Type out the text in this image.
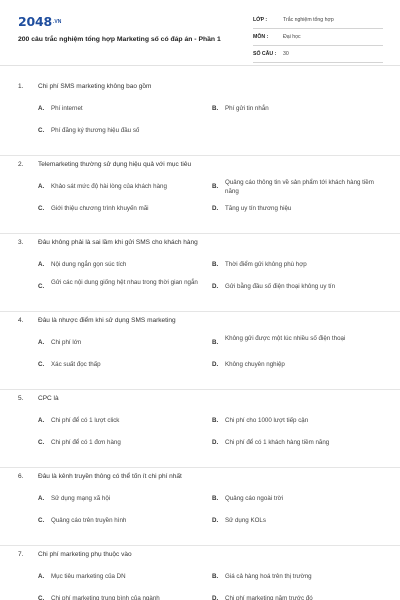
2048 .VN
200 câu trắc nghiệm tổng hợp Marketing số có đáp án - Phần 1
LỚP :	Trắc nghiệm tổng hợp
MÔN :	Đại học
SỐ CÂU : 30
1. Chi phí SMS marketing không bao gồm
A. Phí internet	B. Phí gửi tin nhắn
C. Phí đăng ký thương hiệu đầu số
2. Telemarketing thường sử dụng hiệu quả với mục tiêu
A. Khảo sát mức độ hài lòng của khách hàng	B.
Quảng cáo thông tin về sản phẩm tới khách hàng tiềm năng
C. Giới thiệu chương trình khuyến mãi	D. Tăng uy tín thương hiệu
3. Đâu không phải là sai lầm khi gửi SMS cho khách hàng
A. Nội dung ngắn gọn súc tích	B. Thời điểm gửi không phù hợp
C.
Gửi các nội dung giống hệt nhau trong thời gian ngắn
D. Gửi bằng đầu số điện thoại không uy tín
4. Đâu là nhược điểm khi sử dụng SMS marketing
A. Chi phí lớn	B.
Không gửi được một lúc nhiều số điện thoại
C. Xác suất đọc thấp	D. Không chuyên nghiệp
5. CPC là
A. Chi phí để có 1 lượt click	B. Chi phí cho 1000 lượt tiếp cận
C. Chi phí để có 1 đơn hàng	D. Chi phí để có 1 khách hàng tiềm năng
6. Đâu là kênh truyền thông có thể tốn ít chi phí nhất
A. Sử dụng mạng xã hội	B. Quảng cáo ngoài trời
C. Quảng cáo trên truyền hình	D. Sử dụng KOLs
7. Chi phí marketing phụ thuộc vào
A. Mục tiêu marketing của DN	B. Giá cả hàng hoá trên thị trường
C. Chi phí marketing trung bình của ngành	D. Chi phí marketing năm trước đó
